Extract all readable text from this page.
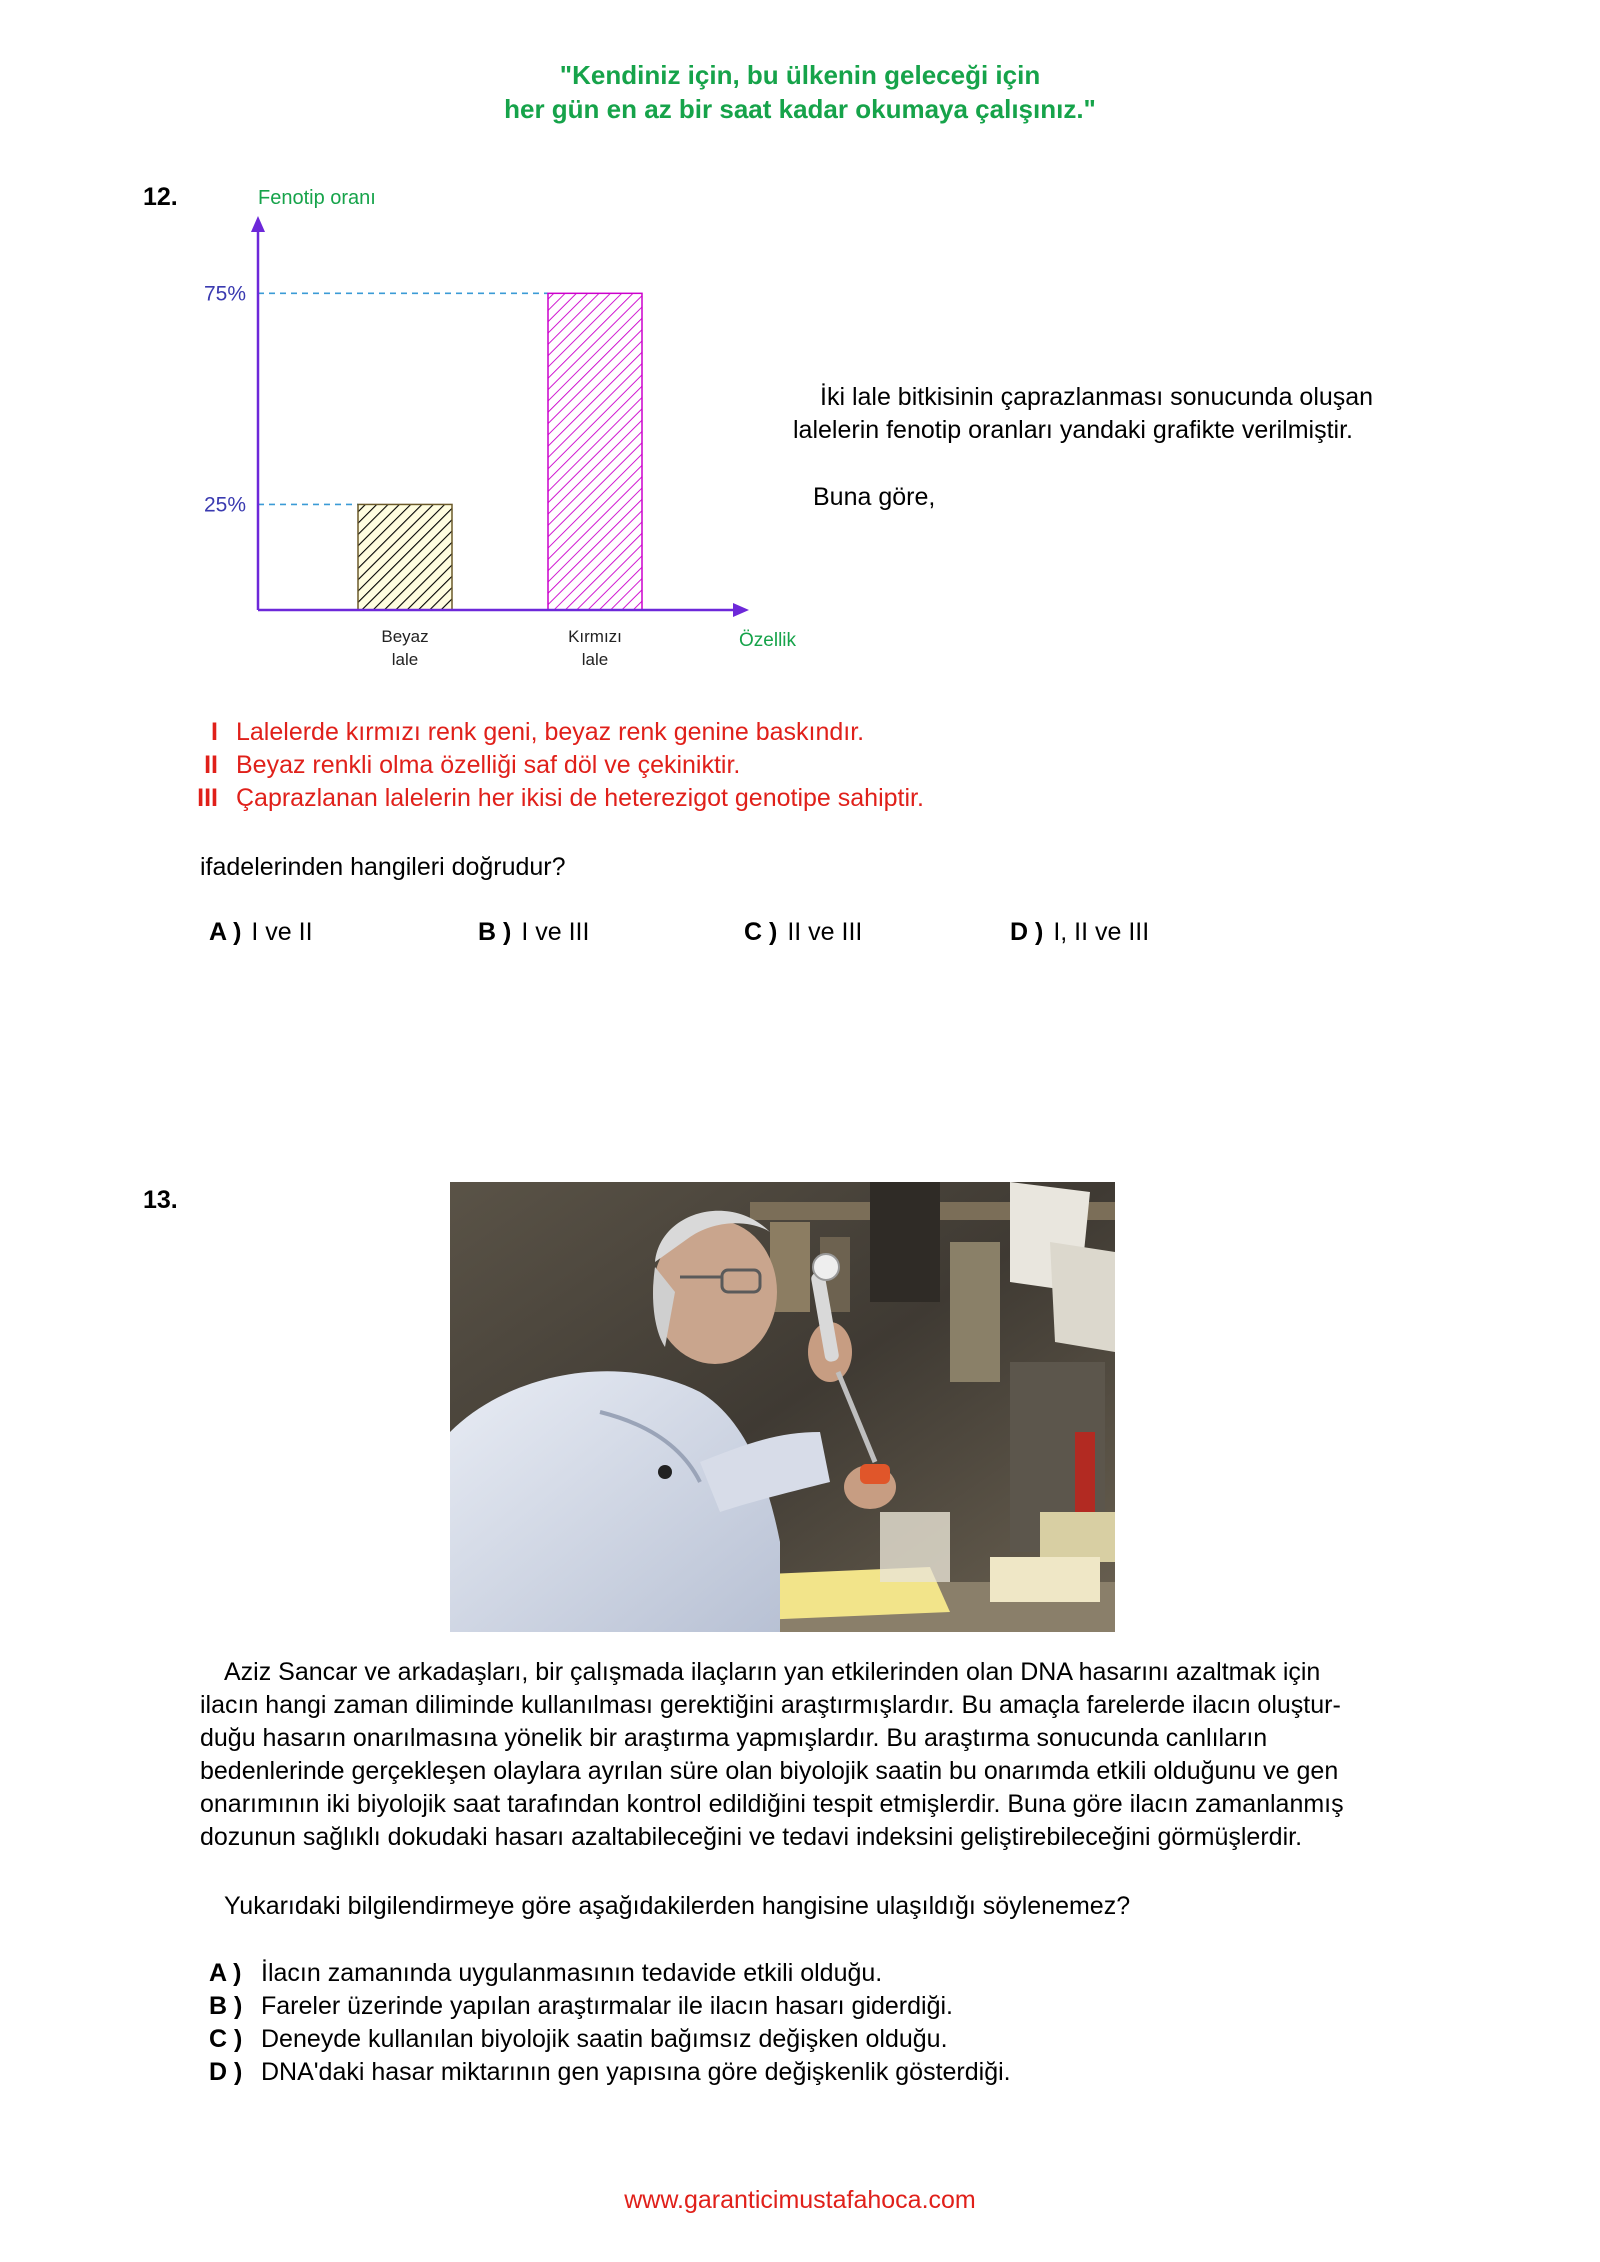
"Kendiniz için, bu ülkenin geleceği için
her gün en az bir saat kadar okumaya çalışınız."
12.
25%
75%
Beyaz
lale
Kırmızı
lale
Fenotip oranı
Özellik
İki lale bitkisinin çaprazlanması sonucunda oluşan
lalelerin fenotip oranları yandaki grafikte verilmiştir.
Buna göre,
I Lalelerde kırmızı renk geni, beyaz renk genine baskındır.
II Beyaz renkli olma özelliği saf döl ve çekiniktir.
III Çaprazlanan lalelerin her ikisi de heterezigot genotipe sahiptir.
ifadelerinden hangileri doğrudur?
A ) I ve II	B ) I ve III	C ) II ve III	D ) I, II ve III
13.
Aziz Sancar ve arkadaşları, bir çalışmada ilaçların yan etkilerinden olan DNA hasarını azaltmak için
ilacın hangi zaman diliminde kullanılması gerektiğini araştırmışlardır. Bu amaçla farelerde ilacın oluştur-
duğu hasarın onarılmasına yönelik bir araştırma yapmışlardır. Bu araştırma sonucunda canlıların
bedenlerinde gerçekleşen olaylara ayrılan süre olan biyolojik saatin bu onarımda etkili olduğunu ve gen
onarımının iki biyolojik saat tarafından kontrol edildiğini tespit etmişlerdir. Buna göre ilacın zamanlanmış
dozunun sağlıklı dokudaki hasarı azaltabileceğini ve tedavi indeksini geliştirebileceğini görmüşlerdir.
Yukarıdaki bilgilendirmeye göre aşağıdakilerden hangisine ulaşıldığı söylenemez?
A ) İlacın zamanında uygulanmasının tedavide etkili olduğu.
B ) Fareler üzerinde yapılan araştırmalar ile ilacın hasarı giderdiği.
C ) Deneyde kullanılan biyolojik saatin bağımsız değişken olduğu.
D ) DNA'daki hasar miktarının gen yapısına göre değişkenlik gösterdiği.
www.garanticimustafahoca.com
